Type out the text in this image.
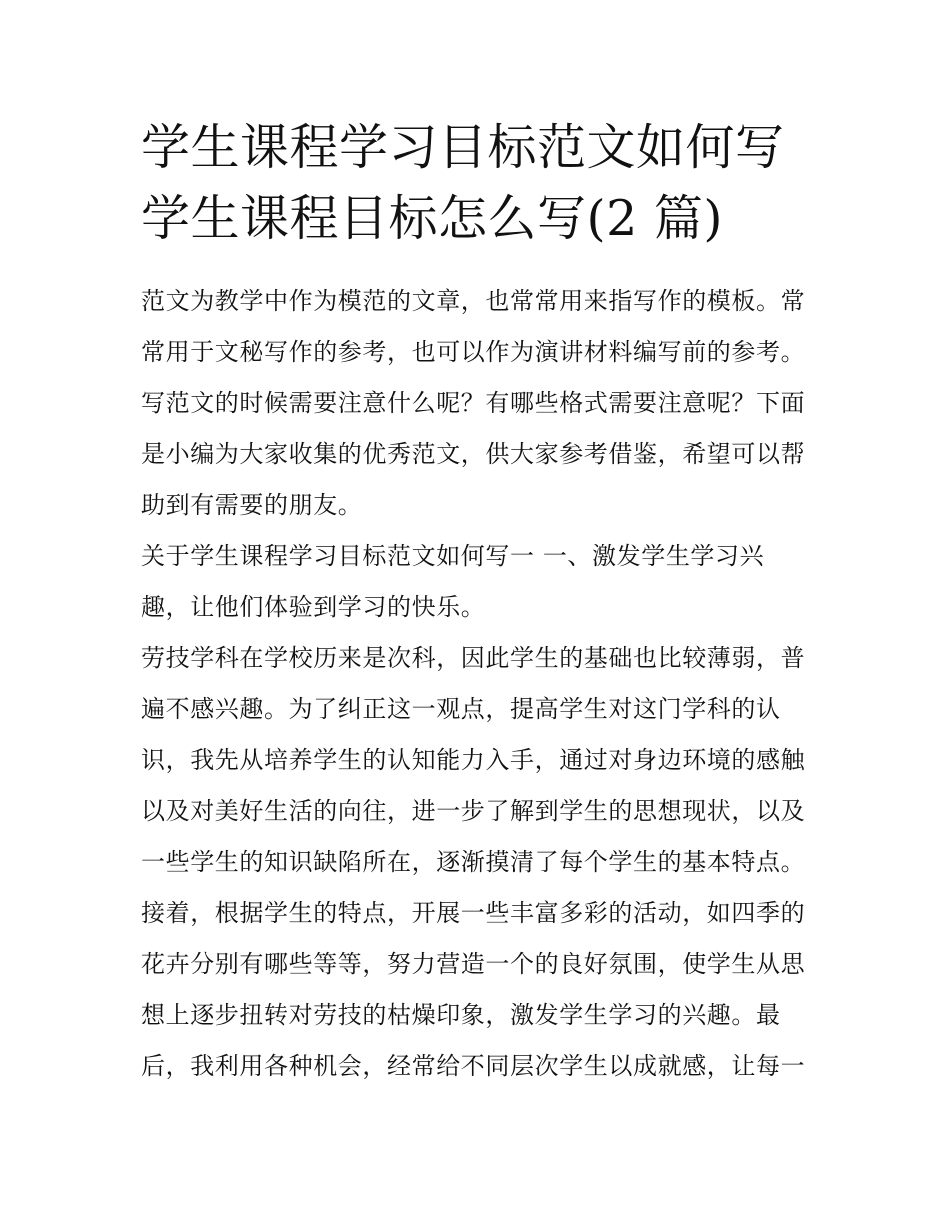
学生课程学习目标范文如何写
学生课程目标怎么写(2 篇)
范文为教学中作为模范的文章，也常常用来指写作的模板。常
常用于文秘写作的参考，也可以作为演讲材料编写前的参考。
写范文的时候需要注意什么呢？有哪些格式需要注意呢？下面
是小编为大家收集的优秀范文，供大家参考借鉴，希望可以帮
助到有需要的朋友。
关于学生课程学习目标范文如何写一 一、激发学生学习兴
趣，让他们体验到学习的快乐。
劳技学科在学校历来是次科，因此学生的基础也比较薄弱，普
遍不感兴趣。为了纠正这一观点，提高学生对这门学科的认
识，我先从培养学生的认知能力入手，通过对身边环境的感触
以及对美好生活的向往，进一步了解到学生的思想现状，以及
一些学生的知识缺陷所在，逐渐摸清了每个学生的基本特点。
接着，根据学生的特点，开展一些丰富多彩的活动，如四季的
花卉分别有哪些等等，努力营造一个的良好氛围，使学生从思
想上逐步扭转对劳技的枯燥印象，激发学生学习的兴趣。最
后，我利用各种机会，经常给不同层次学生以成就感，让每一
